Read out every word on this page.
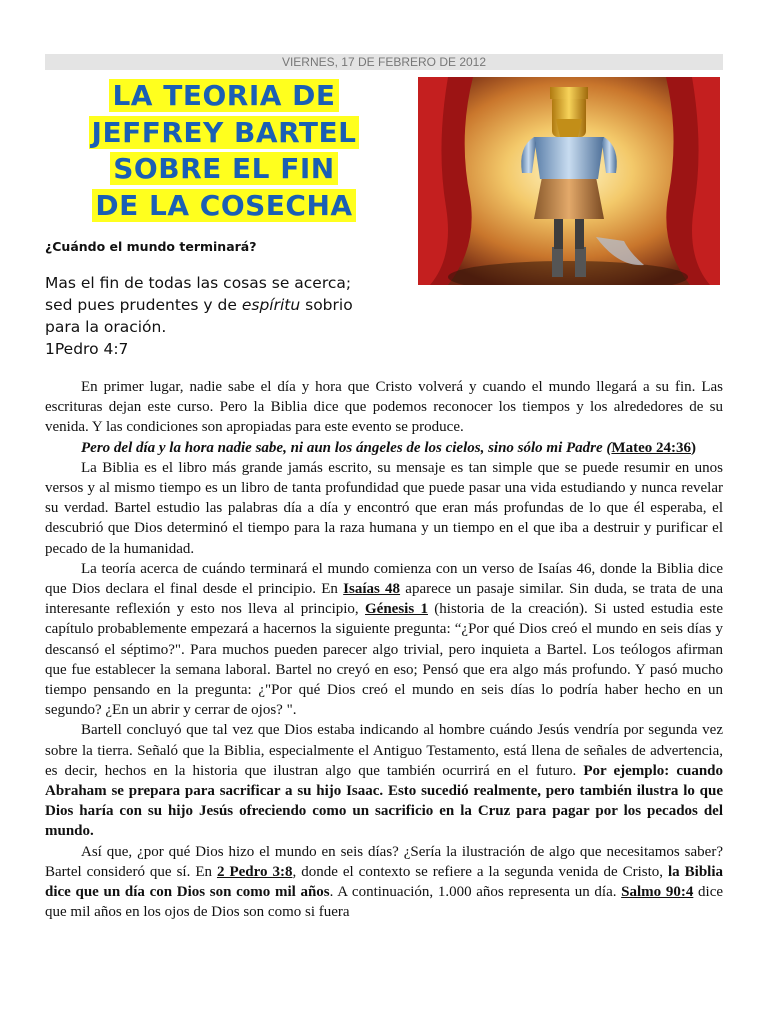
VIERNES, 17 DE FEBRERO DE 2012
LA TEORIA DE
JEFFREY BARTEL
SOBRE EL FIN
DE LA COSECHA
¿Cuándo el mundo terminará?
Mas el fin de todas las cosas se acerca;
sed pues prudentes y de espíritu sobrio
para la oración.
1Pedro 4:7

En primer lugar, nadie sabe el día y hora que Cristo volverá y cuando el mundo llegará a su fin. Las escrituras dejan este curso. Pero la Biblia dice que podemos reconocer los tiempos y los alrededores de su venida. Y las condiciones son apropiadas para este evento se produce.

Pero del día y la hora nadie sabe, ni aun los ángeles de los cielos, sino sólo mi Padre (Mateo 24:36)

La Biblia es el libro más grande jamás escrito, su mensaje es tan simple que se puede resumir en unos versos y al mismo tiempo es un libro de tanta profundidad que puede pasar una vida estudiando y nunca revelar su verdad. Bartel estudio las palabras día a día y encontró que eran más profundas de lo que él esperaba, el descubrió que Dios determinó el tiempo para la raza humana y un tiempo en el que iba a destruir y purificar el pecado de la humanidad.

La teoría acerca de cuándo terminará el mundo comienza con un verso de Isaías 46, donde la Biblia dice que Dios declara el final desde el principio. En Isaías 48 aparece un pasaje similar. Sin duda, se trata de una interesante reflexión y esto nos lleva al principio, Génesis 1 (historia de la creación). Si usted estudia este capítulo probablemente empezará a hacernos la siguiente pregunta: “¿Por qué Dios creó el mundo en seis días y descansó el séptimo?". Para muchos pueden parecer algo trivial, pero inquieta a Bartel. Los teólogos afirman que fue establecer la semana laboral. Bartel no creyó en eso; Pensó que era algo más profundo. Y pasó mucho tiempo pensando en la pregunta: ¿"Por qué Dios creó el mundo en seis días lo podría haber hecho en un segundo? ¿En un abrir y cerrar de ojos? ".

Bartell concluyó que tal vez que Dios estaba indicando al hombre cuándo Jesús vendría por segunda vez sobre la tierra. Señaló que la Biblia, especialmente el Antiguo Testamento, está llena de señales de advertencia, es decir, hechos en la historia que ilustran algo que también ocurrirá en el futuro. Por ejemplo: cuando Abraham se prepara para sacrificar a su hijo Isaac. Esto sucedió realmente, pero también ilustra lo que Dios haría con su hijo Jesús ofreciendo como un sacrificio en la Cruz para pagar por los pecados del mundo.

Así que, ¿por qué Dios hizo el mundo en seis días? ¿Sería la ilustración de algo que necesitamos saber? Bartel consideró que sí. En 2 Pedro 3:8, donde el contexto se refiere a la segunda venida de Cristo, la Biblia dice que un día con Dios son como mil años. A continuación, 1.000 años representa un día. Salmo 90:4 dice que mil años en los ojos de Dios son como si fuera
